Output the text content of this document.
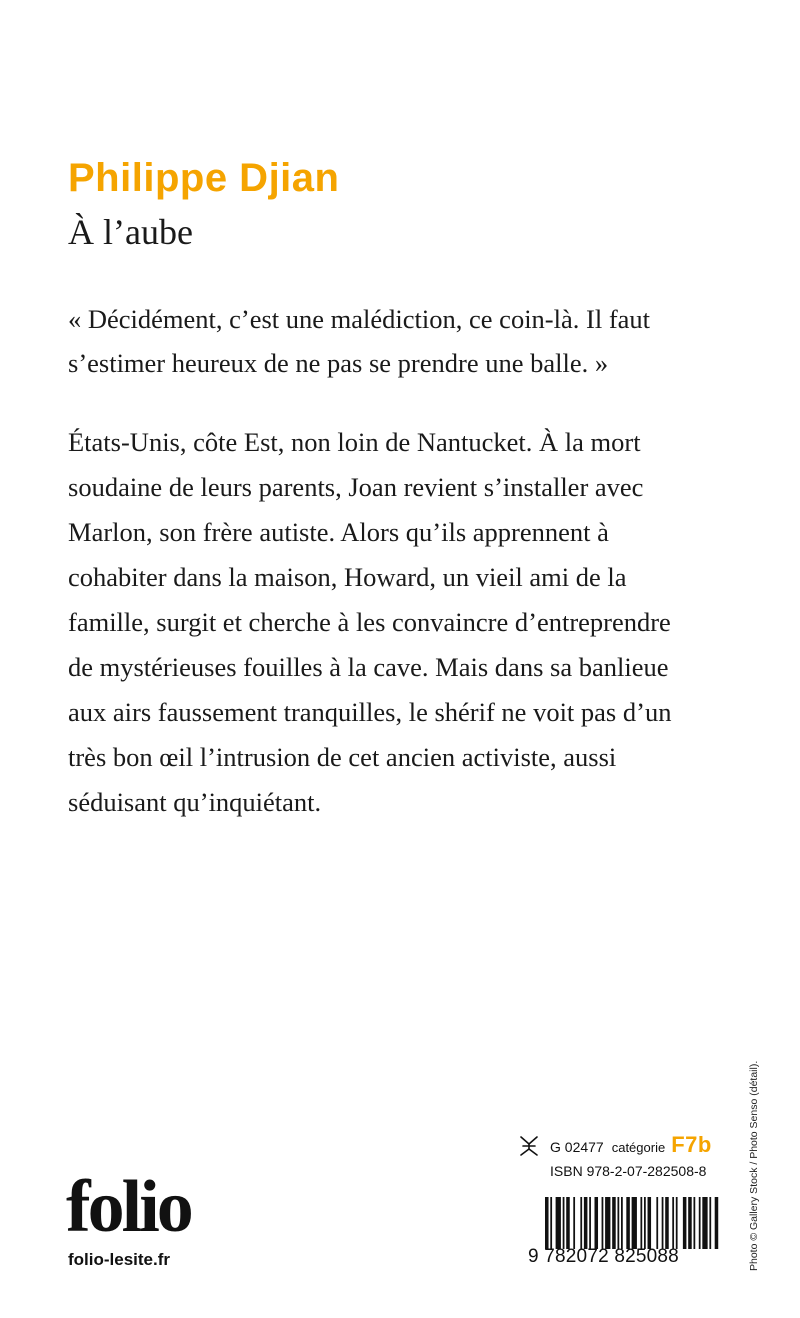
Philippe Djian
À l’aube
« Décidément, c’est une malédiction, ce coin-là. Il faut
s’estimer heureux de ne pas se prendre une balle. »
États-Unis, côte Est, non loin de Nantucket. À la mort
soudaine de leurs parents, Joan revient s’installer avec
Marlon, son frère autiste. Alors qu’ils apprennent à
cohabiter dans la maison, Howard, un vieil ami de la
famille, surgit et cherche à les convaincre d’entreprendre
de mystérieuses fouilles à la cave. Mais dans sa banlieue
aux airs faussement tranquilles, le shérif ne voit pas d’un
très bon œil l’intrusion de cet ancien activiste, aussi
séduisant qu’inquiétant.
Photo © Gallery Stock / Photo Senso (détail).
G 02477 catégorie F7b
ISBN 978-2-07-282508-8
9 782072 825088
folio
folio-lesite.fr
